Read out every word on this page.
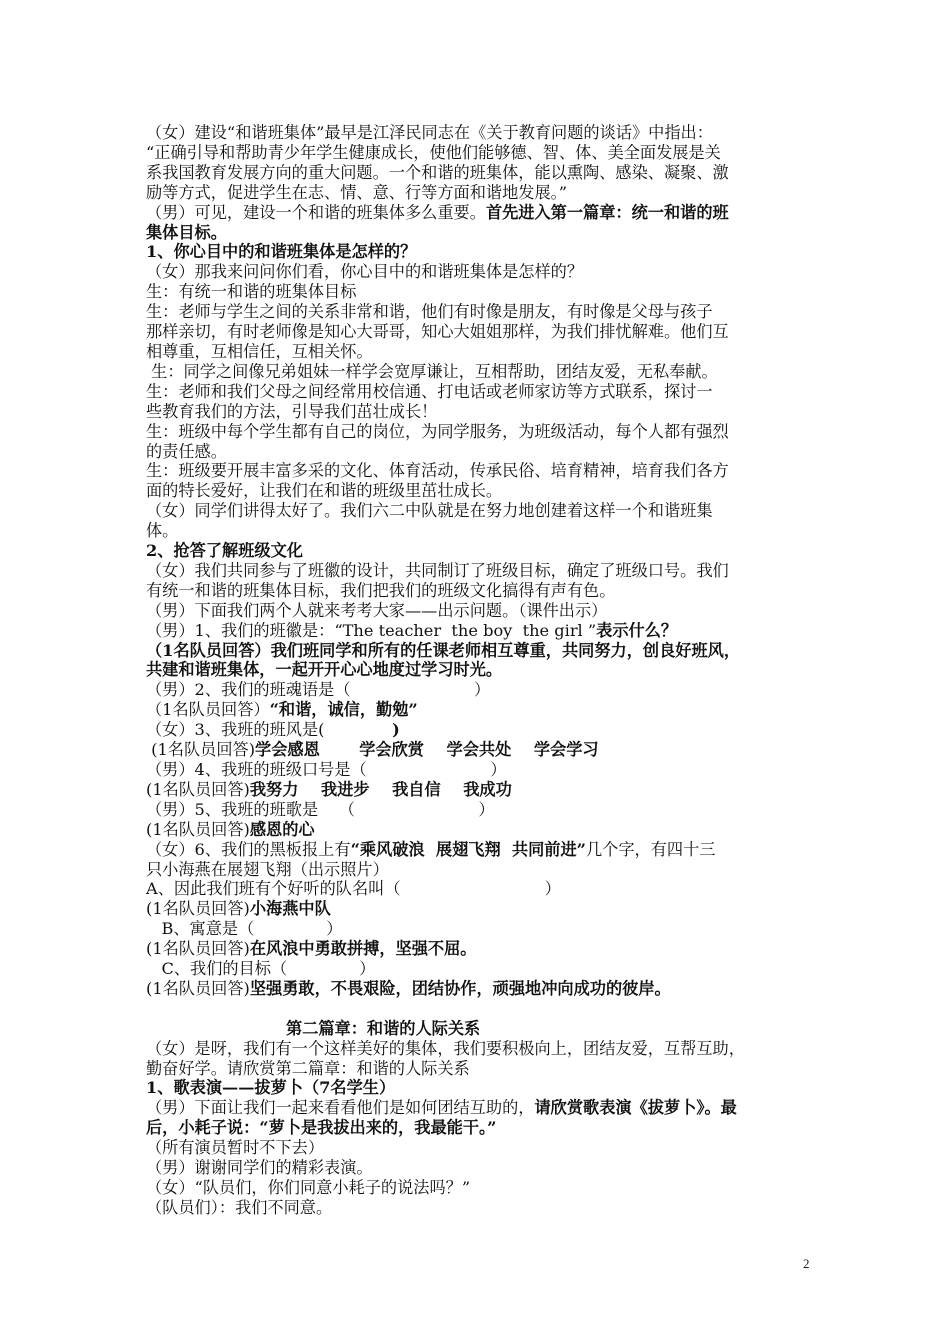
（女）建设“和谐班集体”最早是江泽民同志在《关于教育问题的谈话》中指出：

“正确引导和帮助青少年学生健康成长，使他们能够德、智、体、美全面发展是关

系我国教育发展方向的重大问题。一个和谐的班集体，能以熏陶、感染、凝聚、激

励等方式，促进学生在志、情、意、行等方面和谐地发展。”

（男）可见，建设一个和谐的班集体多么重要。首先进入第一篇章：统一和谐的班

集体目标。

1、你心目中的和谐班集体是怎样的？

（女）那我来问问你们看，你心目中的和谐班集体是怎样的？

生：有统一和谐的班集体目标

生：老师与学生之间的关系非常和谐，他们有时像是朋友，有时像是父母与孩子

那样亲切，有时老师像是知心大哥哥，知心大姐姐那样，为我们排忧解难。他们互

相尊重，互相信任，互相关怀。

生：同学之间像兄弟姐妹一样学会宽厚谦让，互相帮助，团结友爱，无私奉献。

生：老师和我们父母之间经常用校信通、打电话或老师家访等方式联系，探讨一

些教育我们的方法，引导我们茁壮成长！

生：班级中每个学生都有自己的岗位，为同学服务，为班级活动，每个人都有强烈

的责任感。

生：班级要开展丰富多采的文化、体育活动，传承民俗、培育精神，培育我们各方

面的特长爱好，让我们在和谐的班级里茁壮成长。

（女）同学们讲得太好了。我们六二中队就是在努力地创建着这样一个和谐班集

体。

2、抢答了解班级文化

（女）我们共同参与了班徽的设计，共同制订了班级目标，确定了班级口号。我们

有统一和谐的班集体目标，我们把我们的班级文化搞得有声有色。

（男）下面我们两个人就来考考大家——出示问题。（课件出示）

（男）1、我们的班徽是：“The teacher  the boy  the girl ”表示什么？

（1名队员回答）我们班同学和所有的任课老师相互尊重，共同努力，创良好班风，

共建和谐班集体，一起开开心心地度过学习时光。

（男）2、我们的班魂语是（                        ）

（1名队员回答）“和谐，诚信，勤勉”

（女）3、我班的班风是(            )

(1名队员回答)学会感恩       学会欣赏    学会共处    学会学习

（男）4、我班的班级口号是（                        ）

(1名队员回答)我努力    我进步    我自信    我成功

（男）5、我班的班歌是    （                        ）

(1名队员回答)感恩的心

（女）6、我们的黑板报上有“乘风破浪  展翅飞翔  共同前进”几个字，有四十三

只小海燕在展翅飞翔（出示照片）

A、因此我们班有个好听的队名叫（                            ）

(1名队员回答)小海燕中队

B、寓意是（              ）

(1名队员回答)在风浪中勇敢拼搏，坚强不屈。

C、我们的目标（              ）

(1名队员回答)坚强勇敢，不畏艰险，团结协作，顽强地冲向成功的彼岸。

第二篇章：和谐的人际关系

（女）是呀，我们有一个这样美好的集体，我们要积极向上，团结友爱，互帮互助，

勤奋好学。请欣赏第二篇章：和谐的人际关系

1、歌表演——拔萝卜（7名学生）

（男）下面让我们一起来看看他们是如何团结互助的，请欣赏歌表演《拔萝卜》。最

后，小耗子说：“萝卜是我拔出来的，我最能干。”

（所有演员暂时不下去）

（男）谢谢同学们的精彩表演。

（女）“队员们，你们同意小耗子的说法吗？”

（队员们）：我们不同意。

2
